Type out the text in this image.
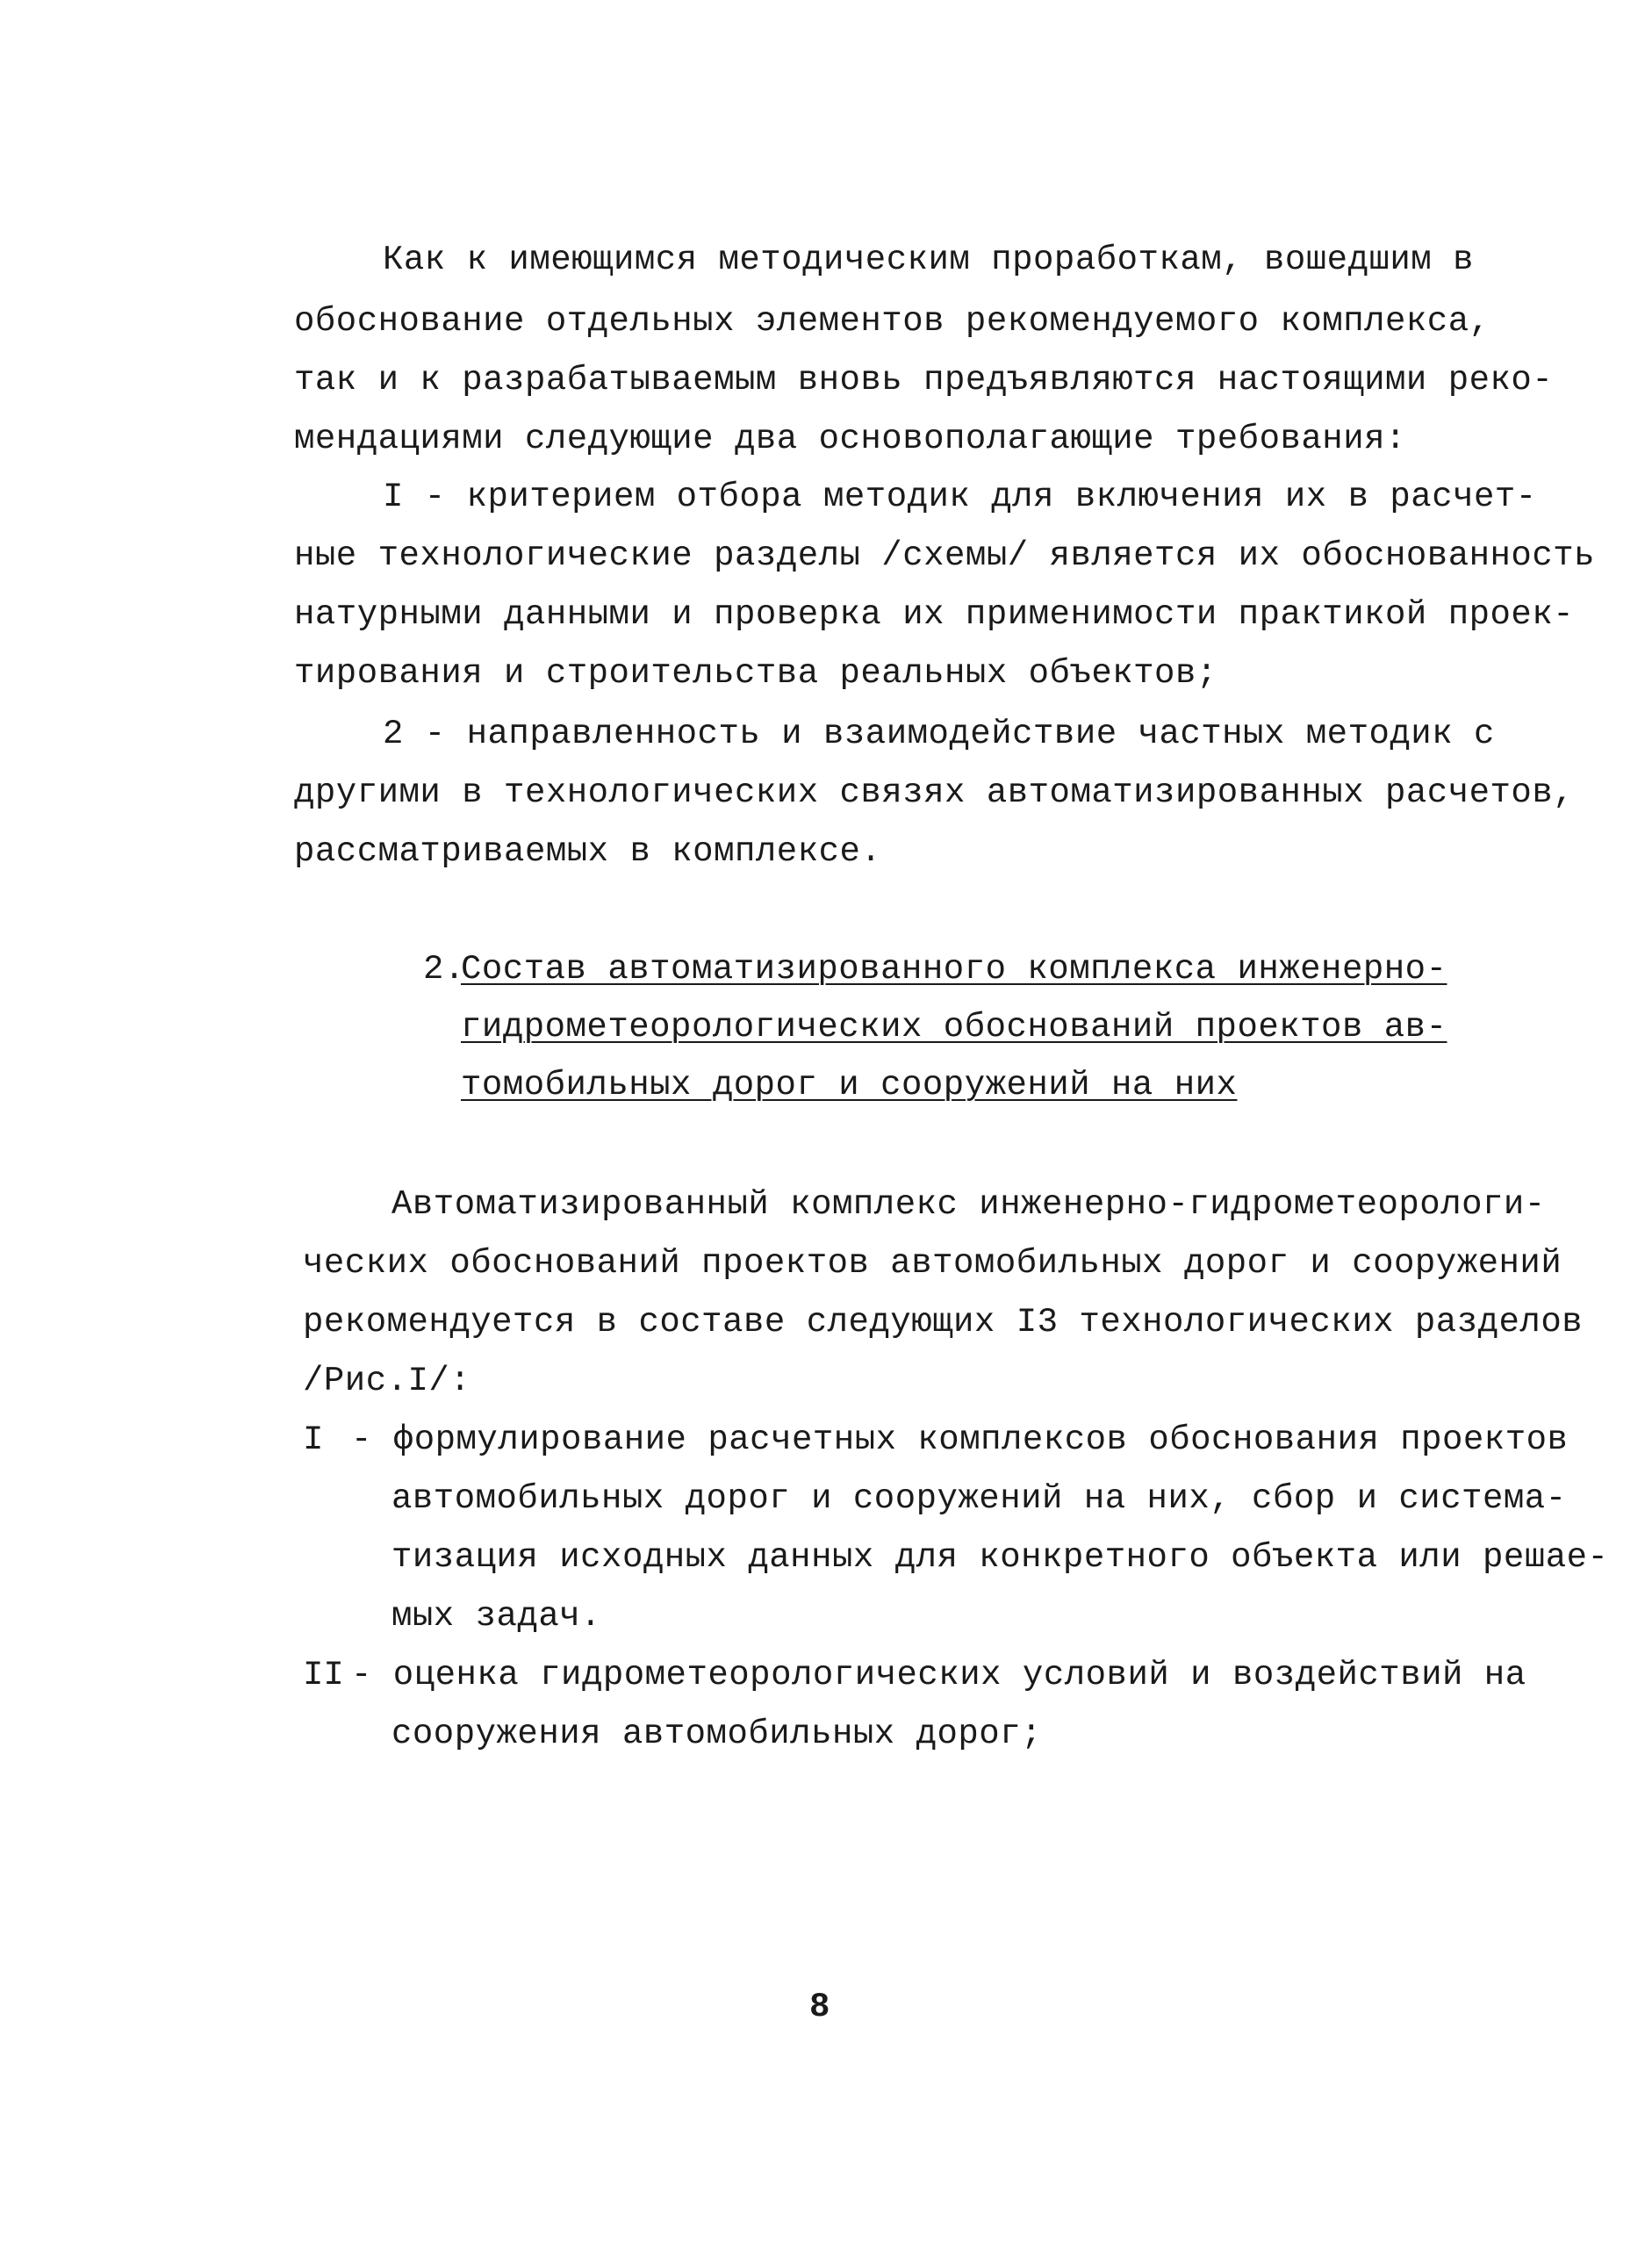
Как к имеющимся методическим проработкам, вошедшим в
обоснование отдельных элементов рекомендуемого комплекса,
так и к разрабатываемым вновь предъявляются настоящими реко-
мендациями следующие два основополагающие требования:
I - критерием отбора методик для включения их в расчет-
ные технологические разделы /схемы/ является их обоснованность
натурными данными и проверка их применимости практикой проек-
тирования и строительства реальных объектов;
2 - направленность и взаимодействие частных методик с
другими в технологических связях автоматизированных расчетов,
рассматриваемых в комплексе.
2.
Состав автоматизированного комплекса инженерно-
гидрометеорологических обоснований проектов ав-
томобильных дорог и сооружений на них
Автоматизированный комплекс инженерно-гидрометеорологи-
ческих обоснований проектов автомобильных дорог и сооружений
рекомендуется в составе следующих I3 технологических разделов
/Рис.I/:
I - формулирование расчетных комплексов обоснования проектов
автомобильных дорог и сооружений на них, сбор и система-
тизация исходных данных для конкретного объекта или решае-
мых задач.
II - оценка гидрометеорологических условий и воздействий на
сооружения автомобильных дорог;
8
